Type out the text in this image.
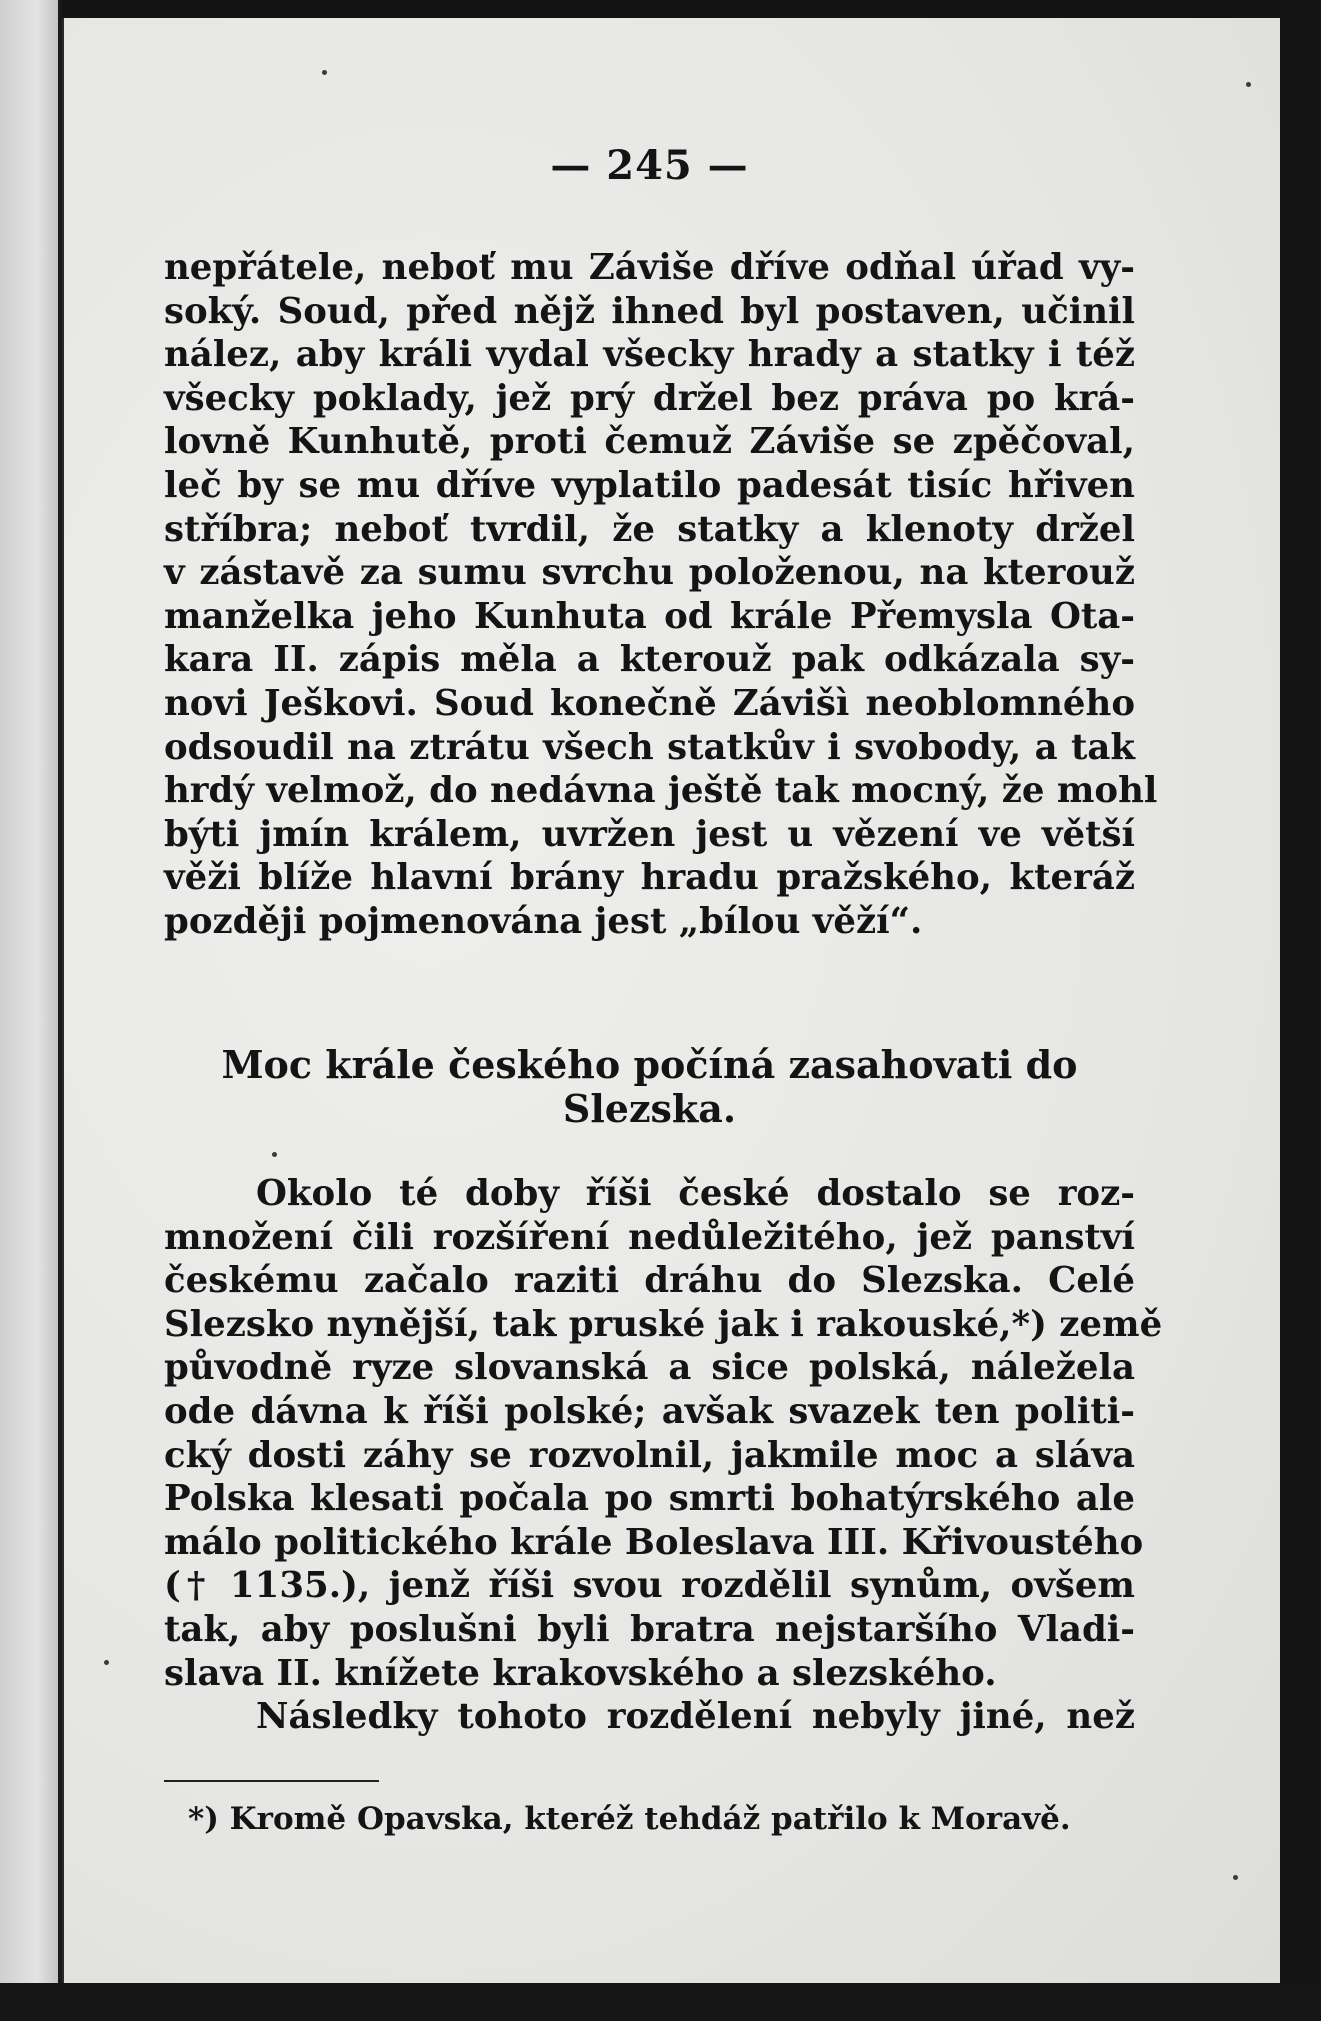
— 245 —
nepřátele, neboť mu Záviše dříve odňal úřad vy-
soký. Soud, před nějž ihned byl postaven, učinil
nález, aby králi vydal všecky hrady a statky i též
všecky poklady, jež prý držel bez práva po krá-
lovně Kunhutě, proti čemuž Záviše se zpěčoval,
leč by se mu dříve vyplatilo padesát tisíc hřiven
stříbra; neboť tvrdil, že statky a klenoty držel
v zástavě za sumu svrchu položenou, na kterouž
manželka jeho Kunhuta od krále Přemysla Ota-
kara II. zápis měla a kterouž pak odkázala sy-
novi Ješkovi. Soud konečně Závišì neoblomného
odsoudil na ztrátu všech statkův i svobody, a tak
hrdý velmož, do nedávna ještě tak mocný, že mohl
býti jmín králem, uvržen jest u vězení ve větší
věži blíže hlavní brány hradu pražského, kteráž
později pojmenována jest „bílou věží“.
Moc krále českého počíná zasahovati do
Slezska.
Okolo té doby říši české dostalo se roz-
množení čili rozšíření nedůležitého, jež panství
českému začalo raziti dráhu do Slezska. Celé
Slezsko nynější, tak pruské jak i rakouské,*) země
původně ryze slovanská a sice polská, náležela
ode dávna k říši polské; avšak svazek ten politi-
cký dosti záhy se rozvolnil, jakmile moc a sláva
Polska klesati počala po smrti bohatýrského ale
málo politického krále Boleslava III. Křivoustého
(† 1135.), jenž říši svou rozdělil synům, ovšem
tak, aby poslušni byli bratra nejstaršího Vladi-
slava II. knížete krakovského a slezského.
Následky tohoto rozdělení nebyly jiné, než
*) Kromě Opavska, kteréž tehdáž patřilo k Moravě.
